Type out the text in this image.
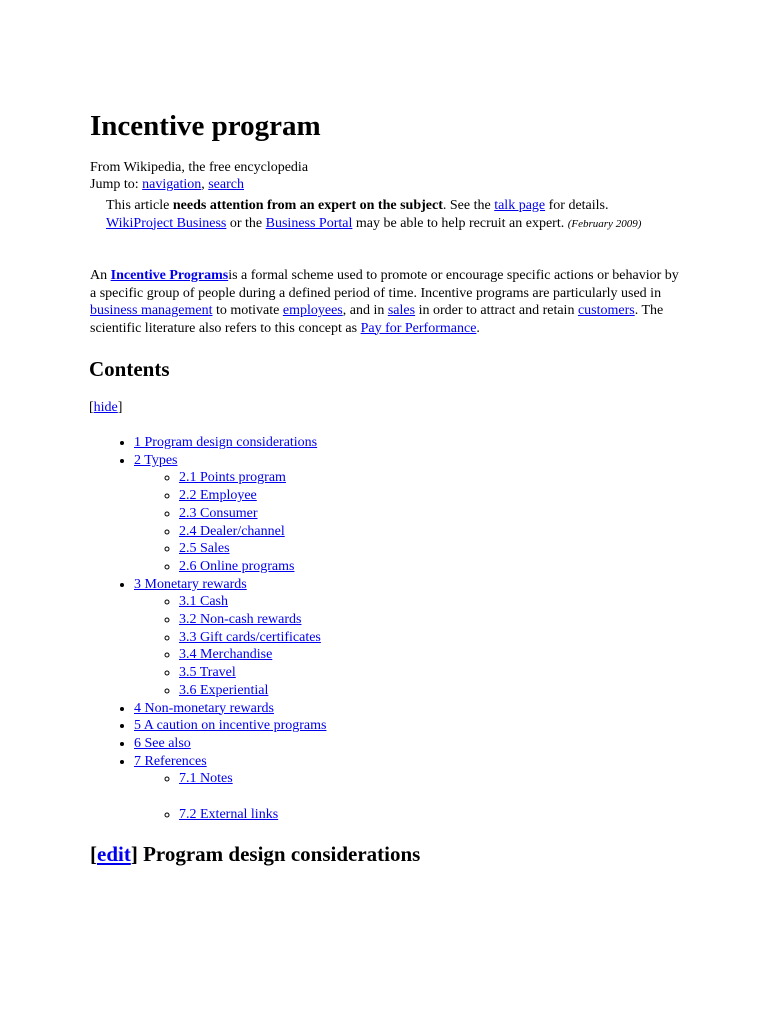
Incentive program
From Wikipedia, the free encyclopedia
Jump to: navigation, search
This article needs attention from an expert on the subject. See the talk page for details.
WikiProject Business or the Business Portal may be able to help recruit an expert. (February 2009)
An Incentive Programsis a formal scheme used to promote or encourage specific actions or behavior by a specific group of people during a defined period of time. Incentive programs are particularly used in business management to motivate employees, and in sales in order to attract and retain customers. The scientific literature also refers to this concept as Pay for Performance.
Contents
[hide]
• 1 Program design considerations
• 2 Types
◦ 2.1 Points program
◦ 2.2 Employee
◦ 2.3 Consumer
◦ 2.4 Dealer/channel
◦ 2.5 Sales
◦ 2.6 Online programs
• 3 Monetary rewards
◦ 3.1 Cash
◦ 3.2 Non-cash rewards
◦ 3.3 Gift cards/certificates
◦ 3.4 Merchandise
◦ 3.5 Travel
◦ 3.6 Experiential
• 4 Non-monetary rewards
• 5 A caution on incentive programs
• 6 See also
• 7 References
◦ 7.1 Notes
◦ 7.2 External links
[edit] Program design considerations
